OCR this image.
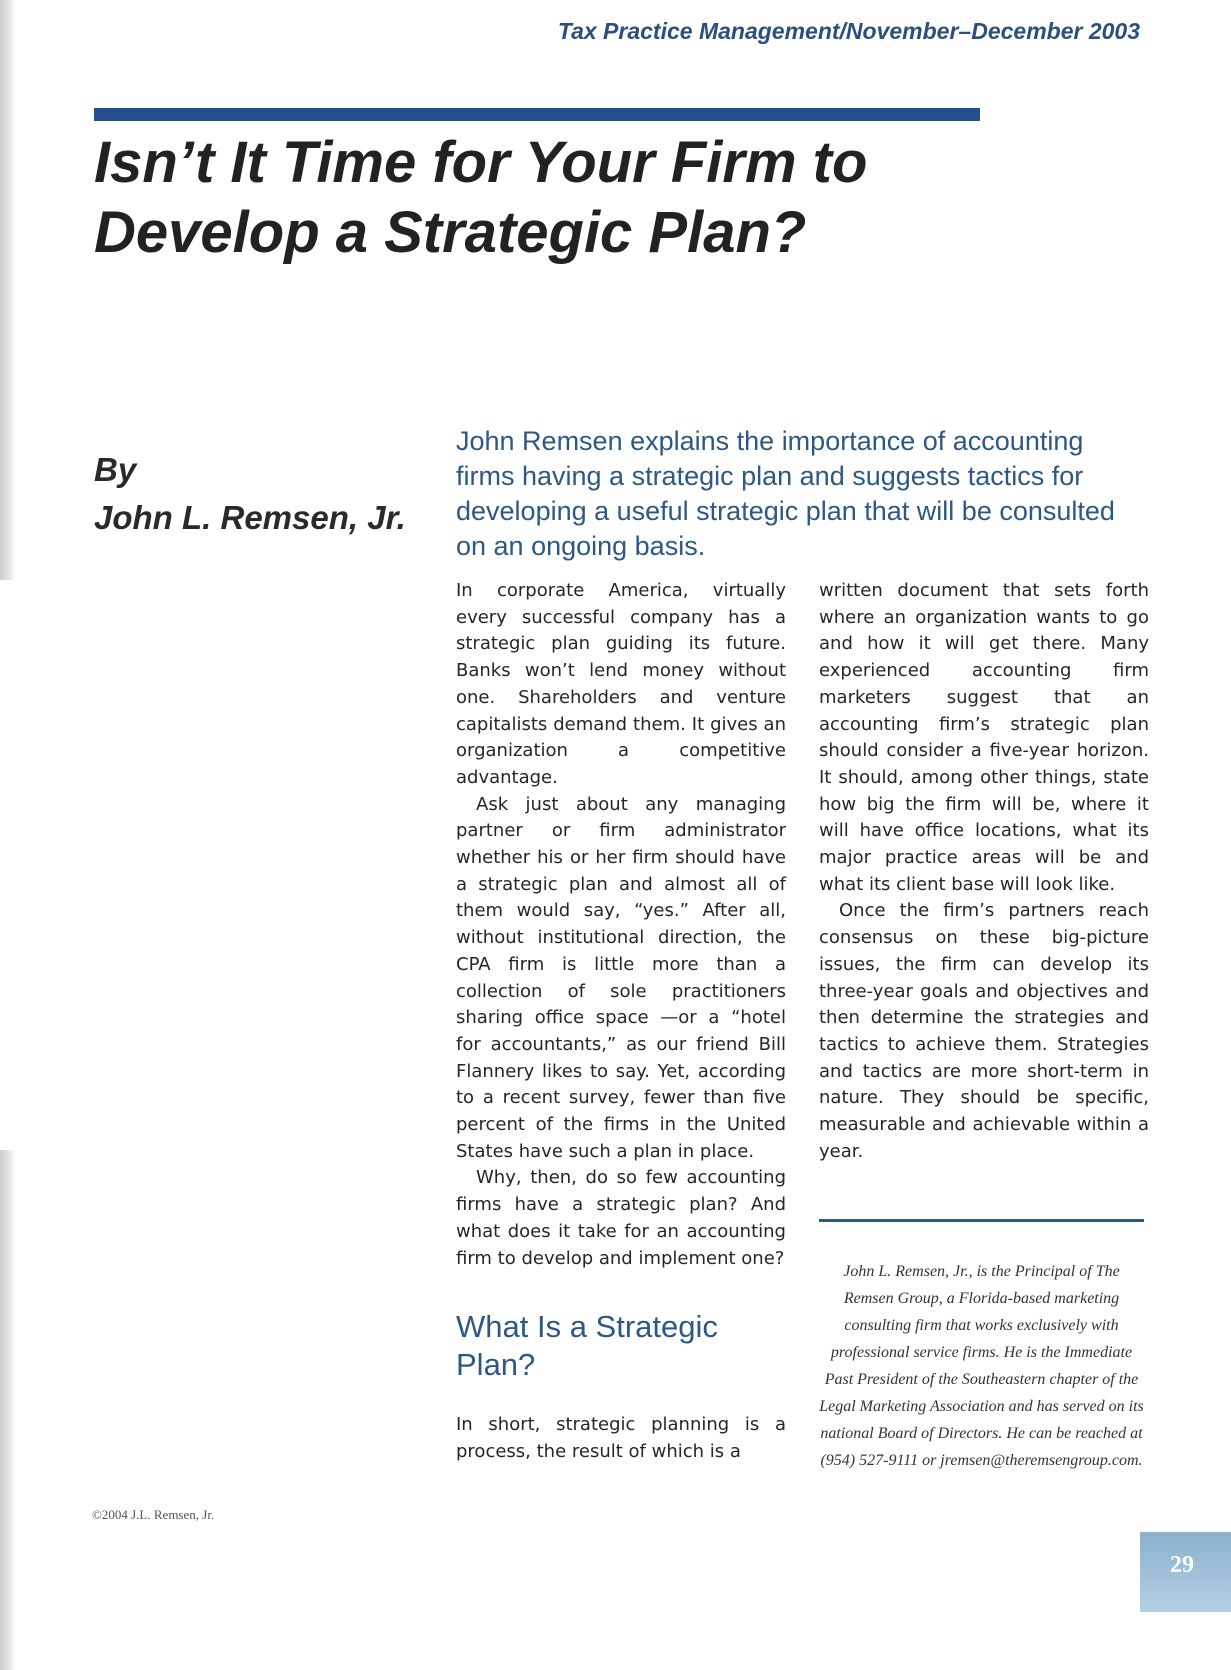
Tax Practice Management/November–December 2003
Isn’t It Time for Your Firm to Develop a Strategic Plan?
By
John L. Remsen, Jr.

John Remsen explains the importance of accounting firms having a strategic plan and suggests tactics for developing a useful strategic plan that will be consulted on an ongoing basis.

In corporate America, virtually every successful company has a strategic plan guiding its future. Banks won’t lend money without one. Shareholders and venture capitalists demand them. It gives an organization a competitive advantage.

Ask just about any managing partner or firm administrator whether his or her firm should have a strategic plan and almost all of them would say, “yes.” After all, without institutional direction, the CPA firm is little more than a collection of sole practitioners sharing office space —or a “hotel for accountants,” as our friend Bill Flannery likes to say. Yet, according to a recent survey, fewer than five percent of the firms in the United States have such a plan in place.

Why, then, do so few accounting firms have a strategic plan? And what does it take for an accounting firm to develop and implement one?

What Is a Strategic Plan?

In short, strategic planning is a process, the result of which is a

written document that sets forth where an organization wants to go and how it will get there. Many experienced accounting firm marketers suggest that an accounting firm’s strategic plan should consider a five-year horizon. It should, among other things, state how big the firm will be, where it will have office locations, what its major practice areas will be and what its client base will look like.

Once the firm’s partners reach consensus on these big-picture issues, the firm can develop its three-year goals and objectives and then determine the strategies and tactics to achieve them. Strategies and tactics are more short-term in nature. They should be specific, measurable and achievable within a year.

John L. Remsen, Jr., is the Principal of The Remsen Group, a Florida-based marketing consulting firm that works exclusively with professional service firms. He is the Immediate Past President of the Southeastern chapter of the Legal Marketing Association and has served on its national Board of Directors. He can be reached at (954) 527-9111 or jremsen@theremsengroup.com.

©2004 J.L. Remsen, Jr.
29
